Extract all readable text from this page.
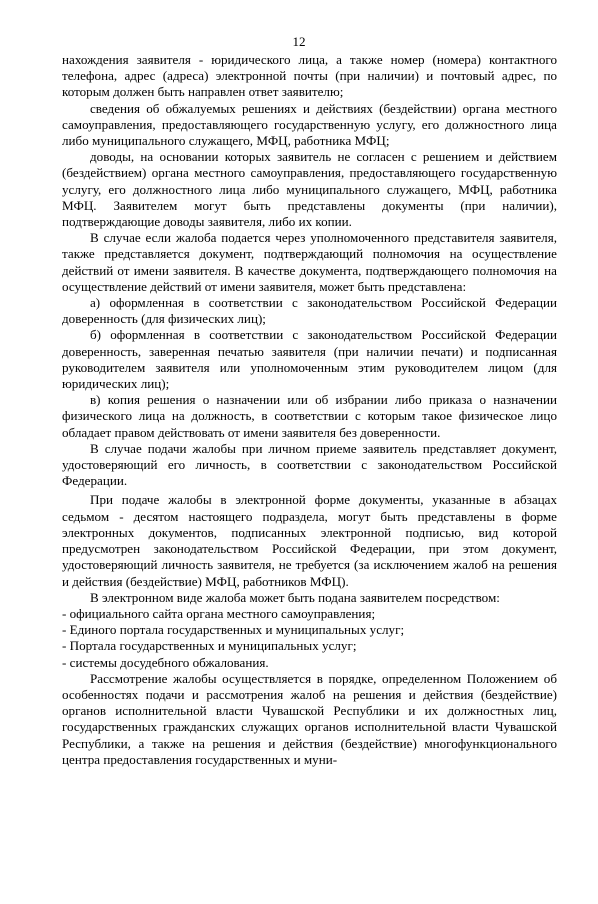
12

нахождения заявителя - юридического лица, а также номер (номера) контактного телефона, адрес (адреса) электронной почты (при наличии) и почтовый адрес, по которым должен быть направлен ответ заявителю;

сведения об обжалуемых решениях и действиях (бездействии) органа местного самоуправления, предоставляющего государственную услугу, его должностного лица либо муниципального служащего, МФЦ, работника МФЦ;

доводы, на основании которых заявитель не согласен с решением и действием (бездействием) органа местного самоуправления, предоставляющего государственную услугу, его должностного лица либо муниципального служащего, МФЦ, работника МФЦ. Заявителем могут быть представлены документы (при наличии), подтверждающие доводы заявителя, либо их копии.

В случае если жалоба подается через уполномоченного представителя заявителя, также представляется документ, подтверждающий полномочия на осуществление действий от имени заявителя. В качестве документа, подтверждающего полномочия на осуществление действий от имени заявителя, может быть представлена:

а) оформленная в соответствии с законодательством Российской Федерации доверенность (для физических лиц);

б) оформленная в соответствии с законодательством Российской Федерации доверенность, заверенная печатью заявителя (при наличии печати) и подписанная руководителем заявителя или уполномоченным этим руководителем лицом (для юридических лиц);

в) копия решения о назначении или об избрании либо приказа о назначении физического лица на должность, в соответствии с которым такое физическое лицо обладает правом действовать от имени заявителя без доверенности.

В случае подачи жалобы при личном приеме заявитель представляет документ, удостоверяющий его личность, в соответствии с законодательством Российской Федерации.

При подаче жалобы в электронной форме документы, указанные в абзацах седьмом - десятом настоящего подраздела, могут быть представлены в форме электронных документов, подписанных электронной подписью, вид которой предусмотрен законодательством Российской Федерации, при этом документ, удостоверяющий личность заявителя, не требуется (за исключением жалоб на решения и действия (бездействие) МФЦ, работников МФЦ).

В электронном виде жалоба может быть подана заявителем посредством:

- официального сайта органа местного самоуправления;

- Единого портала государственных и муниципальных услуг;

- Портала государственных и муниципальных услуг;

- системы досудебного обжалования.

Рассмотрение жалобы осуществляется в порядке, определенном Положением об особенностях подачи и рассмотрения жалоб на решения и действия (бездействие) органов исполнительной власти Чувашской Республики и их должностных лиц, государственных гражданских служащих органов исполнительной власти Чувашской Республики, а также на решения и действия (бездействие) многофункционального центра предоставления государственных и муни-
